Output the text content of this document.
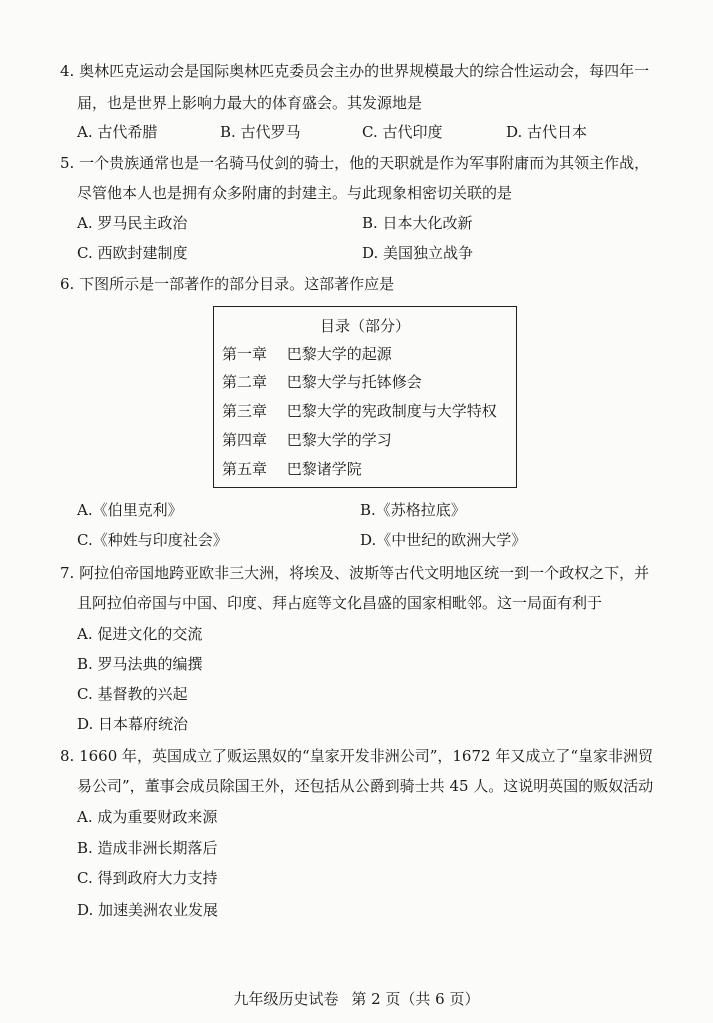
4. 奥林匹克运动会是国际奥林匹克委员会主办的世界规模最大的综合性运动会，每四年一
届，也是世界上影响力最大的体育盛会。其发源地是
A. 古代希腊	B. 古代罗马	C. 古代印度	D. 古代日本
5. 一个贵族通常也是一名骑马仗剑的骑士，他的天职就是作为军事附庸而为其领主作战，
尽管他本人也是拥有众多附庸的封建主。与此现象相密切关联的是
A. 罗马民主政治	B. 日本大化改新
C. 西欧封建制度	D. 美国独立战争
6. 下图所示是一部著作的部分目录。这部著作应是
目录（部分）
第一章 巴黎大学的起源
第二章 巴黎大学与托钵修会
第三章 巴黎大学的宪政制度与大学特权
第四章 巴黎大学的学习
第五章 巴黎诸学院
A.《伯里克利》	B.《苏格拉底》
C.《种姓与印度社会》	D.《中世纪的欧洲大学》
7. 阿拉伯帝国地跨亚欧非三大洲，将埃及、波斯等古代文明地区统一到一个政权之下，并
且阿拉伯帝国与中国、印度、拜占庭等文化昌盛的国家相毗邻。这一局面有利于
A. 促进文化的交流
B. 罗马法典的编撰
C. 基督教的兴起
D. 日本幕府统治
8. 1660 年，英国成立了贩运黑奴的“皇家开发非洲公司”，1672 年又成立了“皇家非洲贸
易公司”，董事会成员除国王外，还包括从公爵到骑士共 45 人。这说明英国的贩奴活动
A. 成为重要财政来源
B. 造成非洲长期落后
C. 得到政府大力支持
D. 加速美洲农业发展
九年级历史试卷 第 2 页（共 6 页）
